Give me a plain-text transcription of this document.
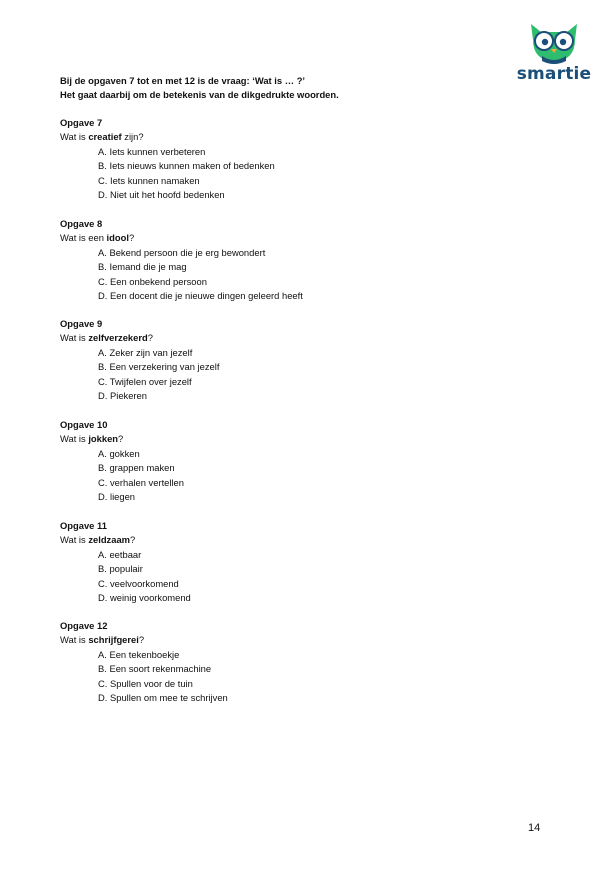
smartie
Bij de opgaven 7 tot en met 12 is de vraag: ‘Wat is … ?’
Het gaat daarbij om de betekenis van de dikgedrukte woorden.
Opgave 7
Wat is creatief zijn?
A. Iets kunnen verbeteren
B. Iets nieuws kunnen maken of bedenken
C. Iets kunnen namaken
D. Niet uit het hoofd bedenken
Opgave 8
Wat is een idool?
A. Bekend persoon die je erg bewondert
B. Iemand die je mag
C. Een onbekend persoon
D. Een docent die je nieuwe dingen geleerd heeft
Opgave 9
Wat is zelfverzekerd?
A. Zeker zijn van jezelf
B. Een verzekering van jezelf
C. Twijfelen over jezelf
D. Piekeren
Opgave 10
Wat is jokken?
A. gokken
B. grappen maken
C. verhalen vertellen
D. liegen
Opgave 11
Wat is zeldzaam?
A. eetbaar
B. populair
C. veelvoorkomend
D. weinig voorkomend
Opgave 12
Wat is schrijfgerei?
A. Een tekenboekje
B. Een soort rekenmachine
C. Spullen voor de tuin
D. Spullen om mee te schrijven
14
